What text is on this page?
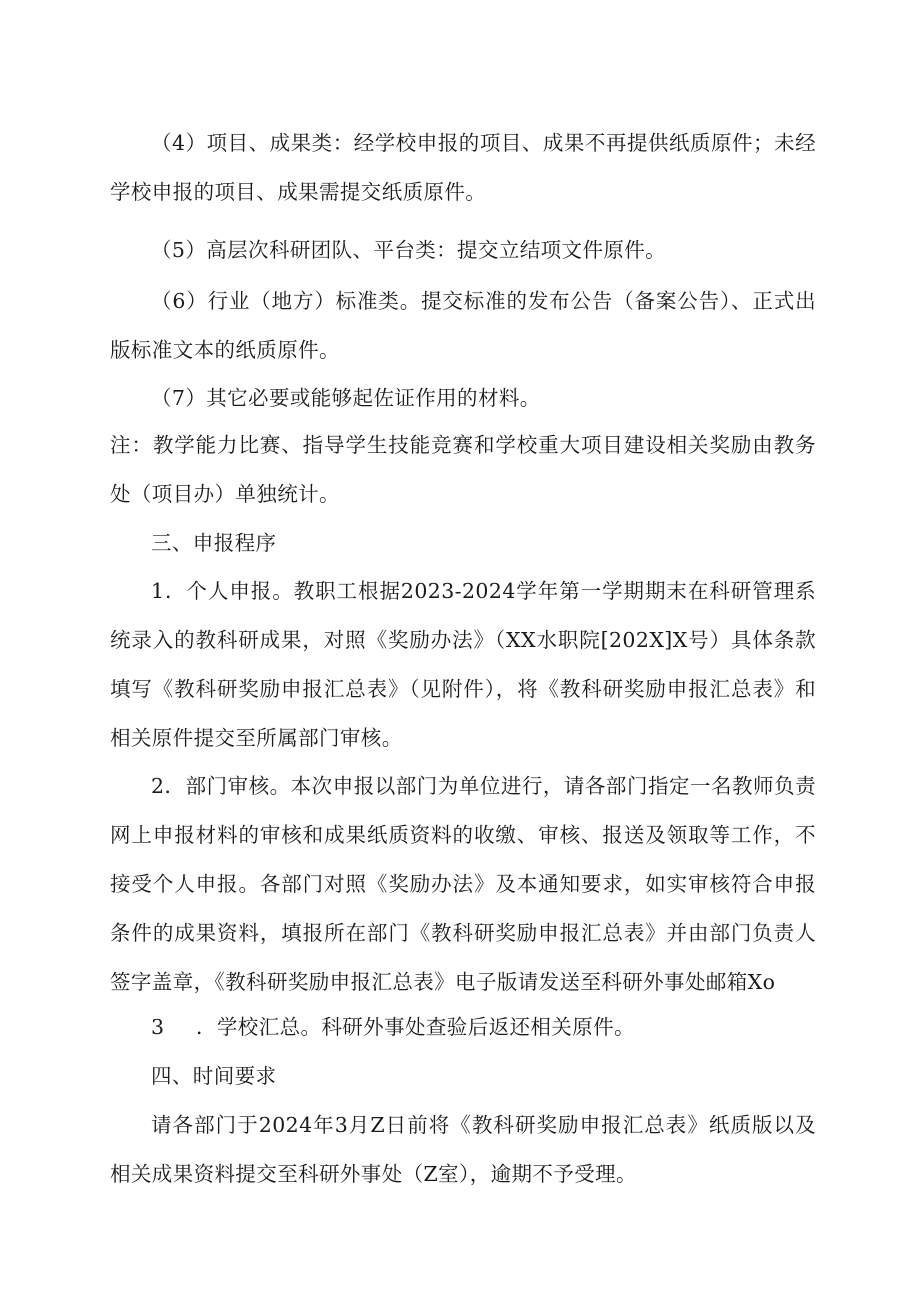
（4）项目、成果类：经学校申报的项目、成果不再提供纸质原件；未经学校申报的项目、成果需提交纸质原件。

（5）高层次科研团队、平台类：提交立结项文件原件。

（6）行业（地方）标准类。提交标准的发布公告（备案公告）、正式出版标准文本的纸质原件。

（7）其它必要或能够起佐证作用的材料。

注：教学能力比赛、指导学生技能竞赛和学校重大项目建设相关奖励由教务处（项目办）单独统计。

三、申报程序

1．个人申报。教职工根据2023-2024学年第一学期期末在科研管理系统录入的教科研成果，对照《奖励办法》（XX水职院[202X]X号）具体条款填写《教科研奖励申报汇总表》（见附件），将《教科研奖励申报汇总表》和相关原件提交至所属部门审核。

2．部门审核。本次申报以部门为单位进行，请各部门指定一名教师负责网上申报材料的审核和成果纸质资料的收缴、审核、报送及领取等工作，不接受个人申报。各部门对照《奖励办法》及本通知要求，如实审核符合申报条件的成果资料，填报所在部门《教科研奖励申报汇总表》并由部门负责人签字盖章，《教科研奖励申报汇总表》电子版请发送至科研外事处邮箱Xo

3 ．学校汇总。科研外事处查验后返还相关原件。

四、时间要求

请各部门于2024年3月Z日前将《教科研奖励申报汇总表》纸质版以及相关成果资料提交至科研外事处（Z室），逾期不予受理。
